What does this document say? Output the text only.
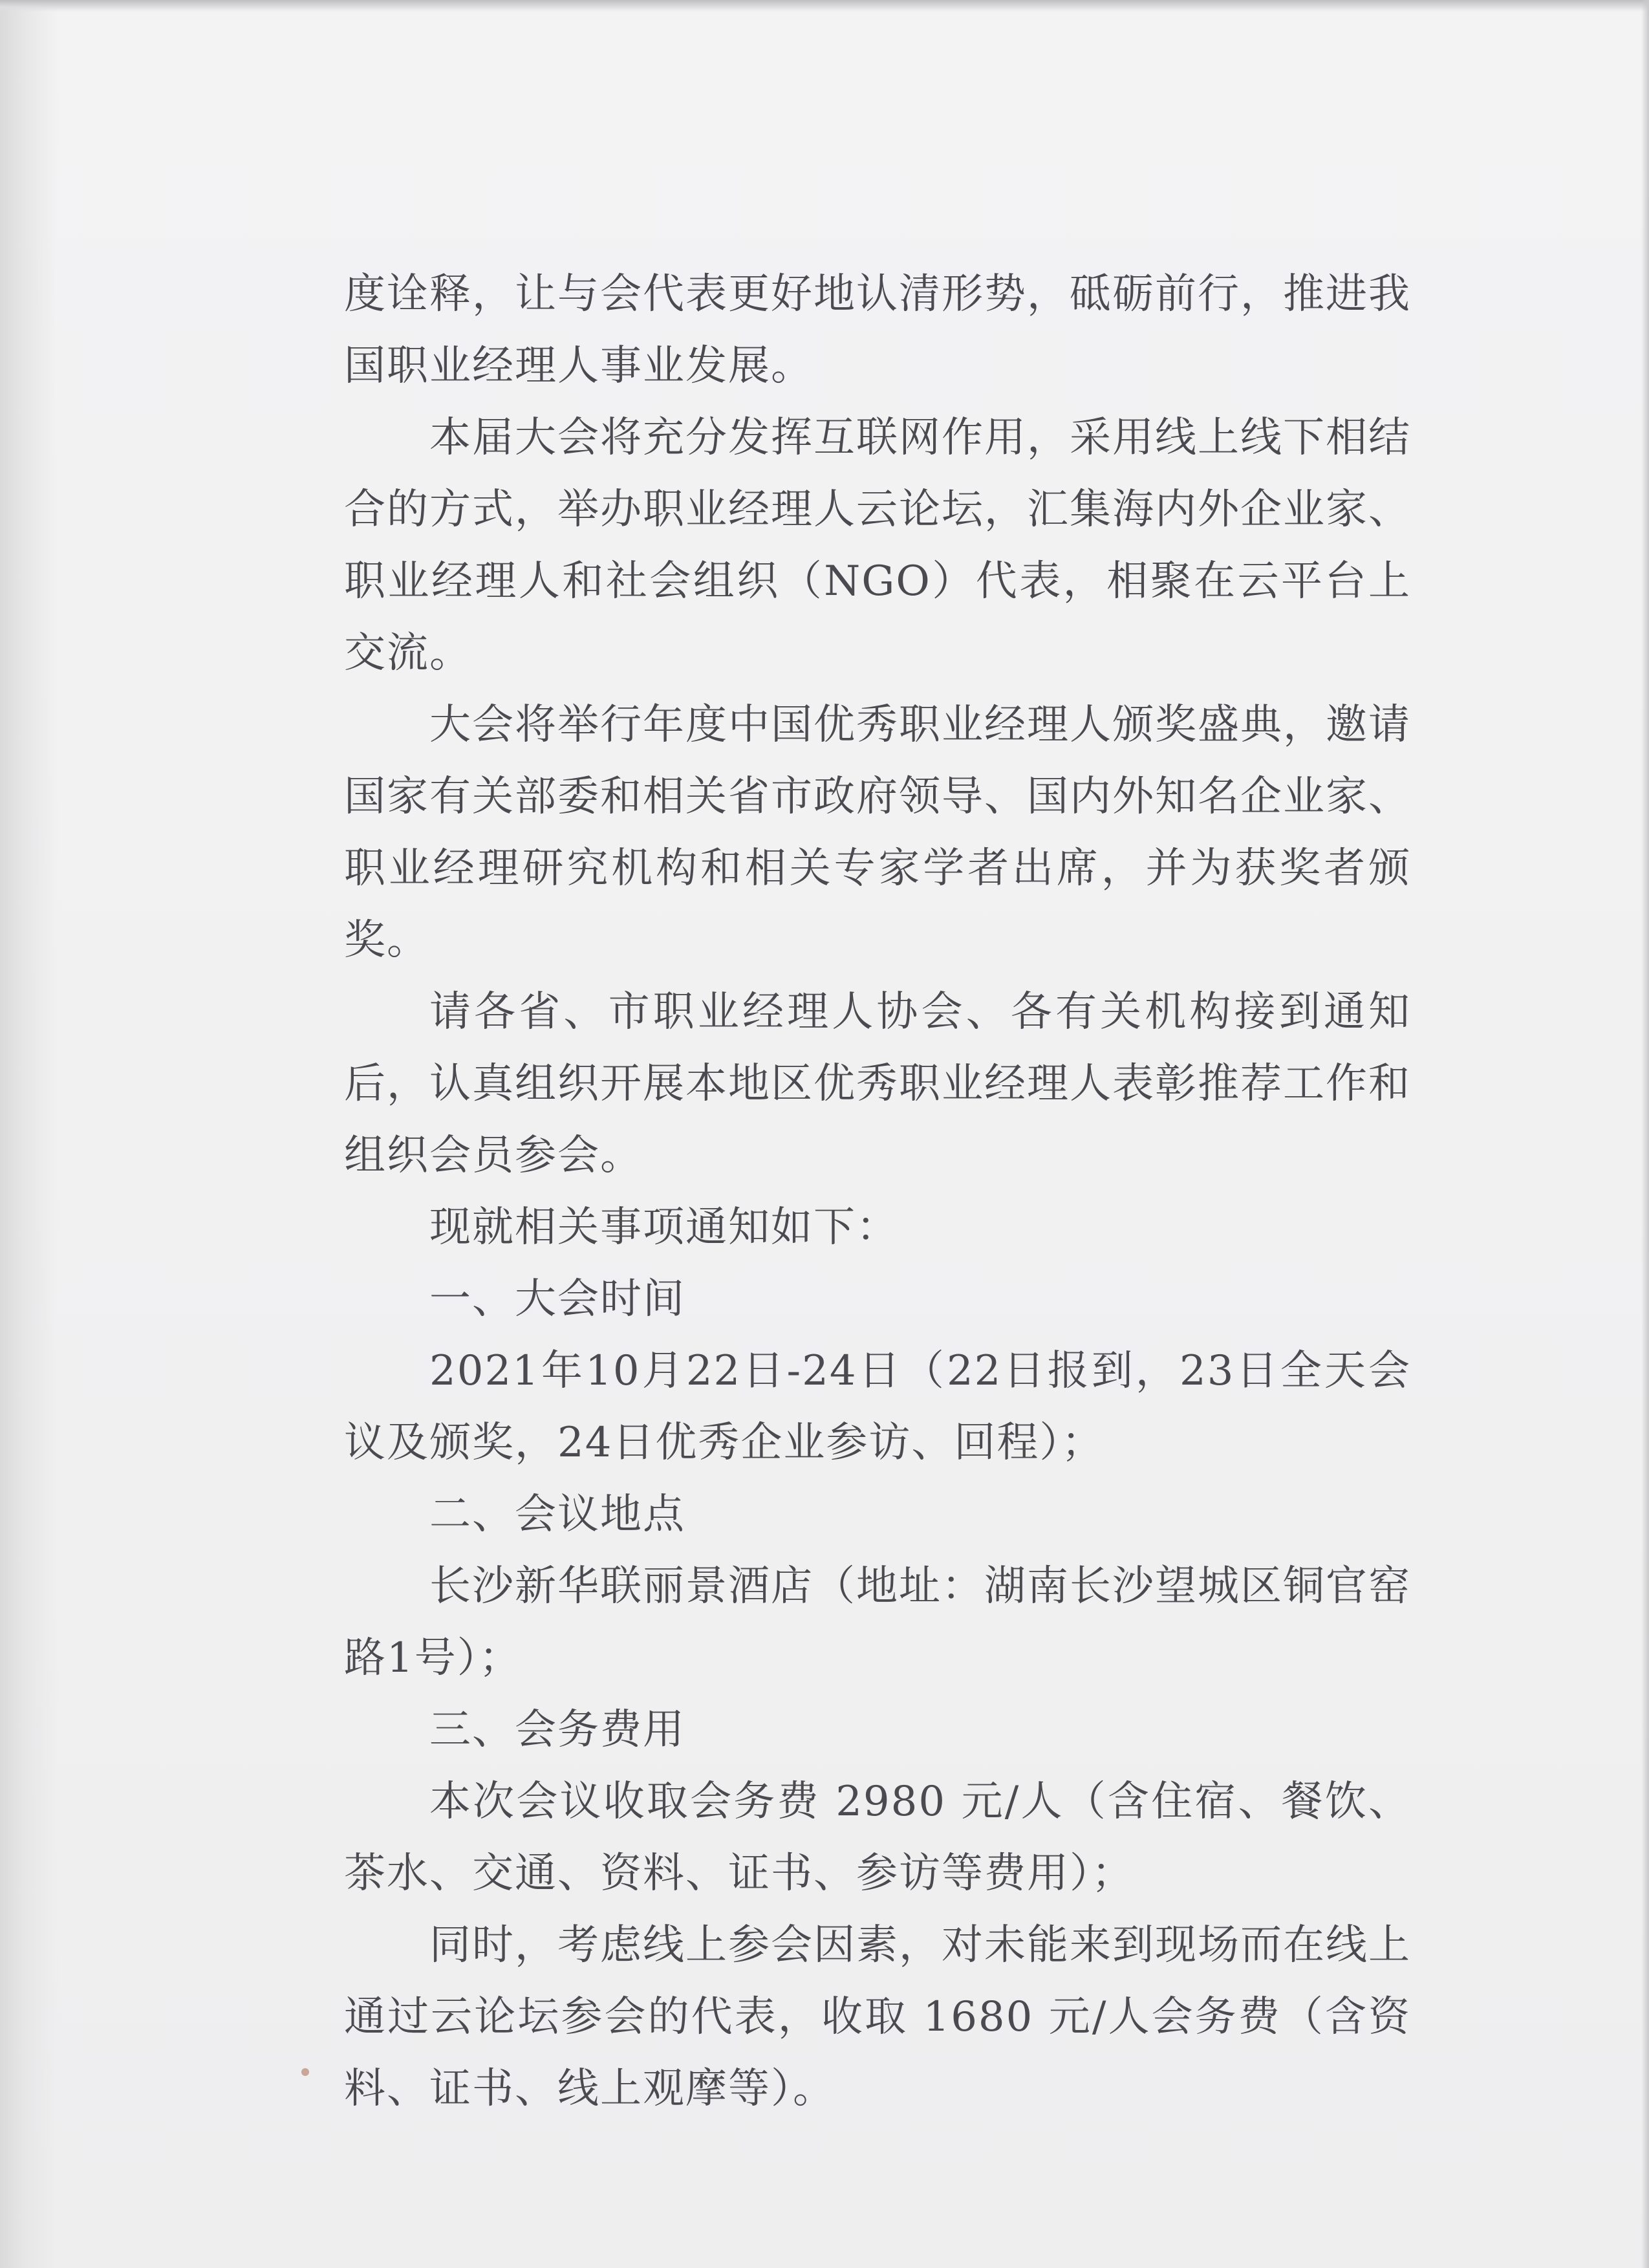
度诠释，让与会代表更好地认清形势，砥砺前行，推进我国职业经理人事业发展。

本届大会将充分发挥互联网作用，采用线上线下相结合的方式，举办职业经理人云论坛，汇集海内外企业家、职业经理人和社会组织（NGO）代表，相聚在云平台上交流。

大会将举行年度中国优秀职业经理人颁奖盛典，邀请国家有关部委和相关省市政府领导、国内外知名企业家、职业经理研究机构和相关专家学者出席，并为获奖者颁奖。

请各省、市职业经理人协会、各有关机构接到通知后，认真组织开展本地区优秀职业经理人表彰推荐工作和组织会员参会。

现就相关事项通知如下：

一、大会时间

2021年10月22日-24日（22日报到，23日全天会议及颁奖，24日优秀企业参访、回程）；

二、会议地点

长沙新华联丽景酒店（地址：湖南长沙望城区铜官窑路1号）；

三、会务费用

本次会议收取会务费 2980 元/人（含住宿、餐饮、茶水、交通、资料、证书、参访等费用）；

同时，考虑线上参会因素，对未能来到现场而在线上通过云论坛参会的代表，收取 1680 元/人会务费（含资料、证书、线上观摩等）。
